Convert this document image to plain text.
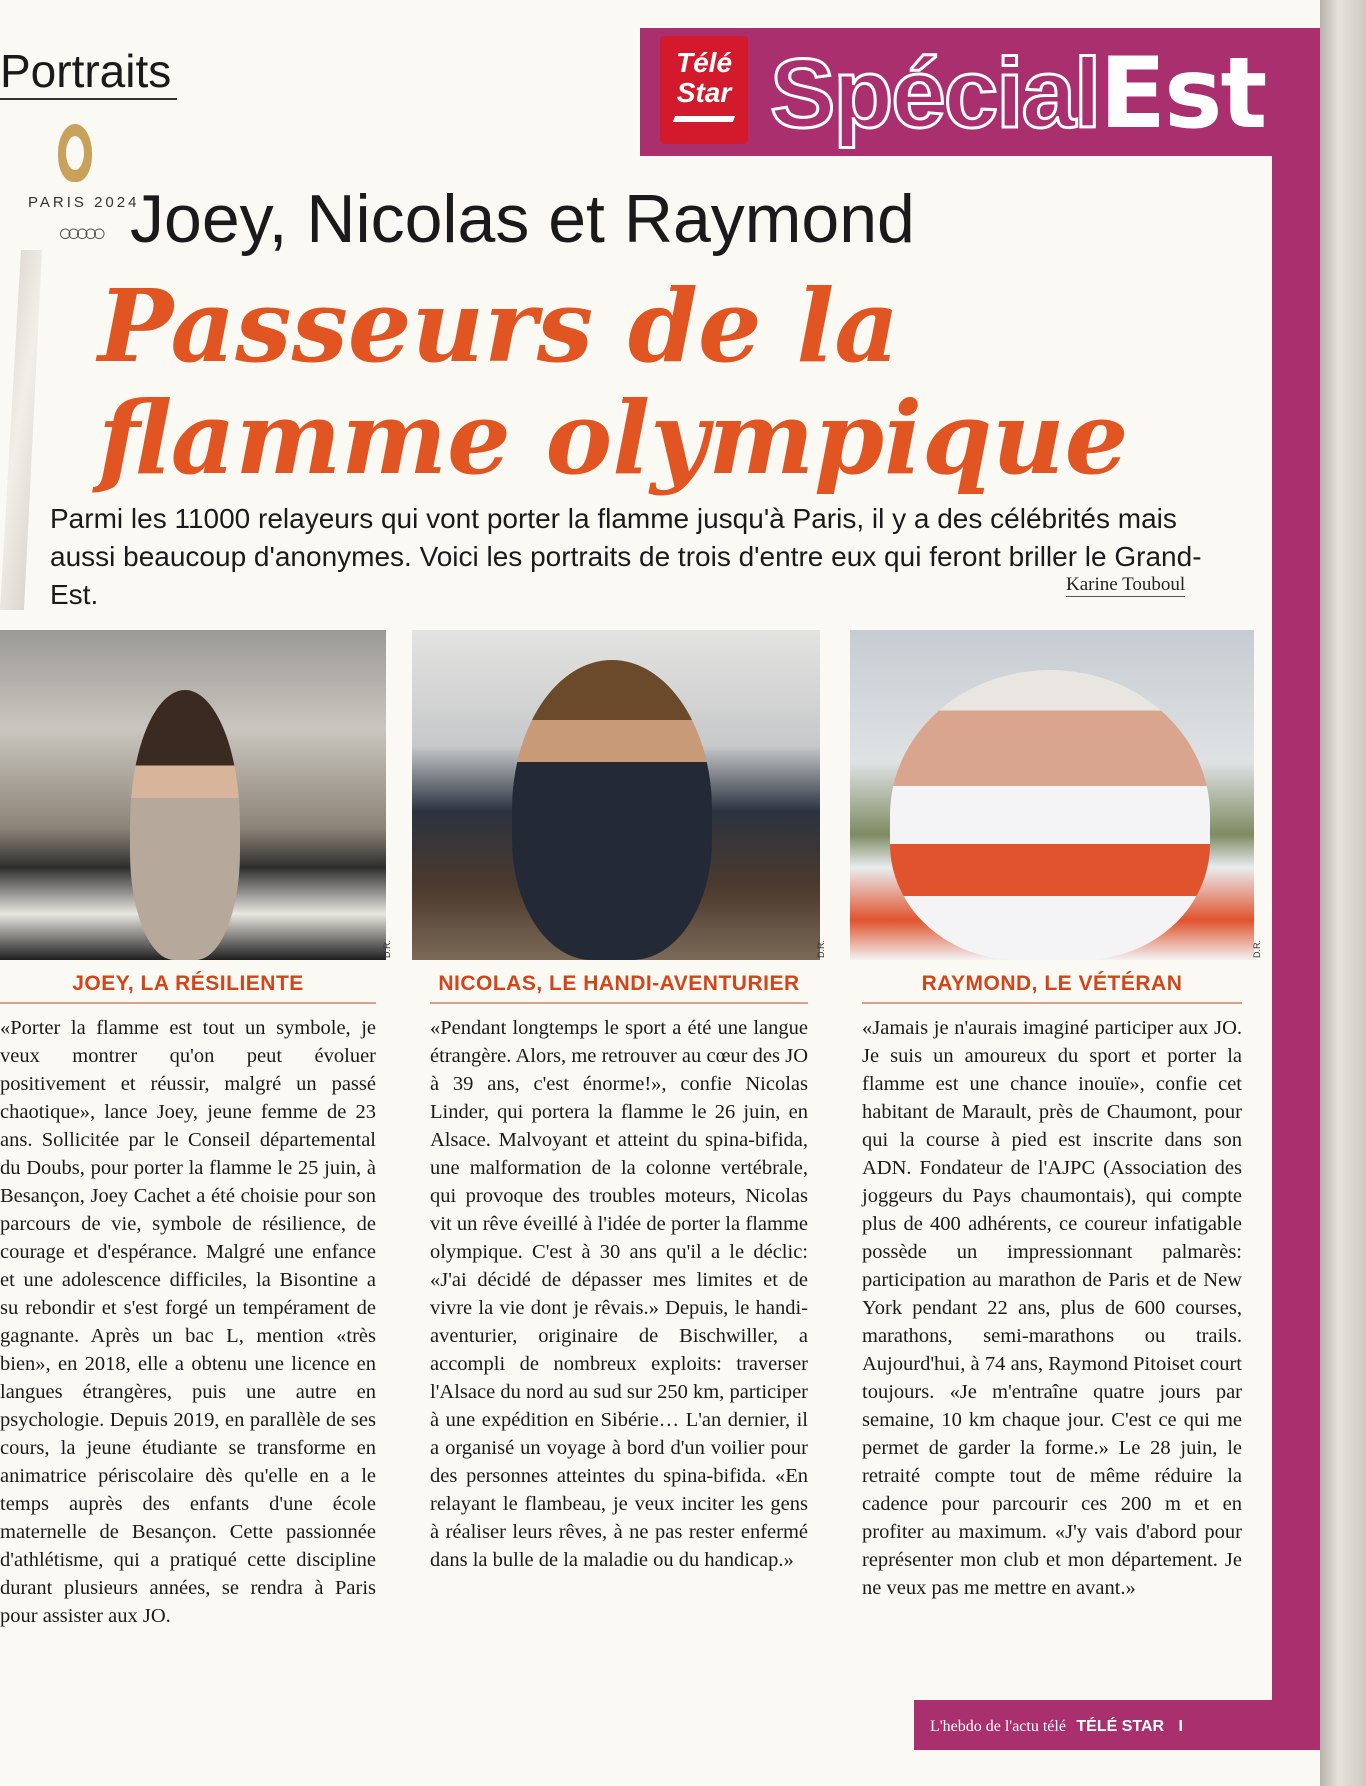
Télé
Star SpécialEst
Portraits
PARIS 2024
○○○○○ Joey, Nicolas et Raymond
Passeurs de la
flamme olympique
Parmi les 11000 relayeurs qui vont porter la flamme jusqu'à Paris, il y a des célébrités mais aussi beaucoup d'anonymes. Voici les portraits de trois d'entre eux qui feront briller le Grand-Est.	Karine Touboul
D.R.	D.R.	D.R.
JOEY, LA RÉSILIENTE

«Porter la flamme est tout un symbole, je veux montrer qu'on peut évoluer positivement et réussir, malgré un passé chaotique», lance Joey, jeune femme de 23 ans. Sollicitée par le Conseil départemental du Doubs, pour porter la flamme le 25 juin, à Besançon, Joey Cachet a été choisie pour son parcours de vie, symbole de résilience, de courage et d'espérance. Malgré une enfance et une adolescence difficiles, la Bisontine a su rebondir et s'est forgé un tempérament de gagnante. Après un bac L, mention «très bien», en 2018, elle a obtenu une licence en langues étrangères, puis une autre en psychologie. Depuis 2019, en parallèle de ses cours, la jeune étudiante se transforme en animatrice périscolaire dès qu'elle en a le temps auprès des enfants d'une école maternelle de Besançon. Cette passionnée d'athlétisme, qui a pratiqué cette discipline durant plusieurs années, se rendra à Paris pour assister aux JO.

NICOLAS, LE HANDI-AVENTURIER

«Pendant longtemps le sport a été une langue étrangère. Alors, me retrouver au cœur des JO à 39 ans, c'est énorme!», confie Nicolas Linder, qui portera la flamme le 26 juin, en Alsace. Malvoyant et atteint du spina-bifida, une malformation de la colonne vertébrale, qui provoque des troubles moteurs, Nicolas vit un rêve éveillé à l'idée de porter la flamme olympique. C'est à 30 ans qu'il a le déclic: «J'ai décidé de dépasser mes limites et de vivre la vie dont je rêvais.» Depuis, le handi-aventurier, originaire de Bischwiller, a accompli de nombreux exploits: traverser l'Alsace du nord au sud sur 250 km, participer à une expédition en Sibérie… L'an dernier, il a organisé un voyage à bord d'un voilier pour des personnes atteintes du spina-bifida. «En relayant le flambeau, je veux inciter les gens à réaliser leurs rêves, à ne pas rester enfermé dans la bulle de la maladie ou du handicap.»

RAYMOND, LE VÉTÉRAN

«Jamais je n'aurais imaginé participer aux JO. Je suis un amoureux du sport et porter la flamme est une chance inouïe», confie cet habitant de Marault, près de Chaumont, pour qui la course à pied est inscrite dans son ADN. Fondateur de l'AJPC (Association des joggeurs du Pays chaumontais), qui compte plus de 400 adhérents, ce coureur infatigable possède un impressionnant palmarès: participation au marathon de Paris et de New York pendant 22 ans, plus de 600 courses, marathons, semi-marathons ou trails. Aujourd'hui, à 74 ans, Raymond Pitoiset court toujours. «Je m'entraîne quatre jours par semaine, 10 km chaque jour. C'est ce qui me permet de garder la forme.» Le 28 juin, le retraité compte tout de même réduire la cadence pour parcourir ces 200 m et en profiter au maximum. «J'y vais d'abord pour représenter mon club et mon département. Je ne veux pas me mettre en avant.»

L'hebdo de l'actu télé TÉLÉ STAR I
